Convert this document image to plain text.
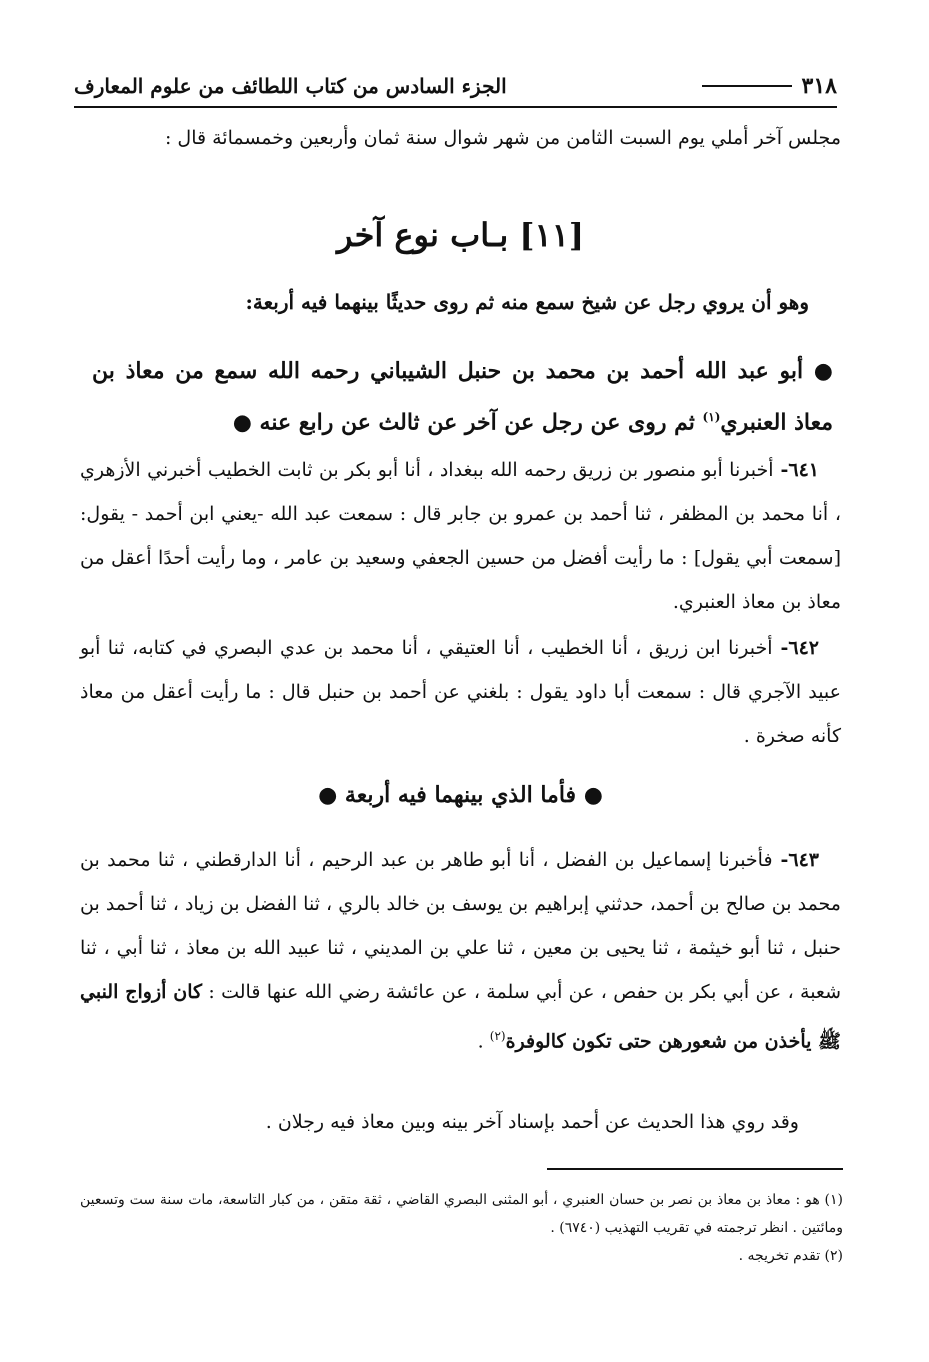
٣١٨
الجزء السادس من كتاب اللطائف من علوم المعارف

مجلس آخر أملي يوم السبت الثامن من شهر شوال سنة ثمان وأربعين وخمسمائة قال :

[١١] بـاب نوع آخر

وهو أن يروي رجل عن شيخ سمع منه ثم روى حديثًا بينهما فيه أربعة:

● أبو عبد الله أحمد بن محمد بن حنبل الشيباني رحمه الله سمع من معاذ بن معاذ العنبري$^{(١)}$ ثم روى عن رجل عن آخر عن ثالث عن رابع عنه ●

٦٤١- أخبرنا أبو منصور بن زريق رحمه الله ببغداد ، أنا أبو بكر بن ثابت الخطيب أخبرني الأزهري ، أنا محمد بن المظفر ، ثنا أحمد بن عمرو بن جابر قال : سمعت عبد الله -يعني ابن أحمد - يقول: [سمعت أبي يقول] : ما رأيت أفضل من حسين الجعفي وسعيد بن عامر ، وما رأيت أحدًا أعقل من معاذ بن معاذ العنبري.

٦٤٢- أخبرنا ابن زريق ، أنا الخطيب ، أنا العتيقي ، أنا محمد بن عدي البصري في كتابه، ثنا أبو عبيد الآجري قال : سمعت أبا داود يقول : بلغني عن أحمد بن حنبل قال : ما رأيت أعقل من معاذ كأنه صخرة .

● فأما الذي بينهما فيه أربعة ●

٦٤٣- فأخبرنا إسماعيل بن الفضل ، أنا أبو طاهر بن عبد الرحيم ، أنا الدارقطني ، ثنا محمد بن محمد بن صالح بن أحمد، حدثني إبراهيم بن يوسف بن خالد بالري ، ثنا الفضل بن زياد ، ثنا أحمد بن حنبل ، ثنا أبو خيثمة ، ثنا يحيى بن معين ، ثنا علي بن المديني ، ثنا عبيد الله بن معاذ ، ثنا أبي ، ثنا شعبة ، عن أبي بكر بن حفص ، عن أبي سلمة ، عن عائشة رضي الله عنها قالت : كان أزواج النبي ﷺ يأخذن من شعورهن حتى تكون كالوفرة$^{(٢)}$ .

وقد روي هذا الحديث عن أحمد بإسناد آخر بينه وبين معاذ فيه رجلان .

(١) هو : معاذ بن معاذ بن نصر بن حسان العنبري ، أبو المثنى البصري القاضي ، ثقة متقن ، من كبار التاسعة، مات سنة ست وتسعين ومائتين . انظر ترجمته في تقريب التهذيب (٦٧٤٠) .

(٢) تقدم تخريجه .
